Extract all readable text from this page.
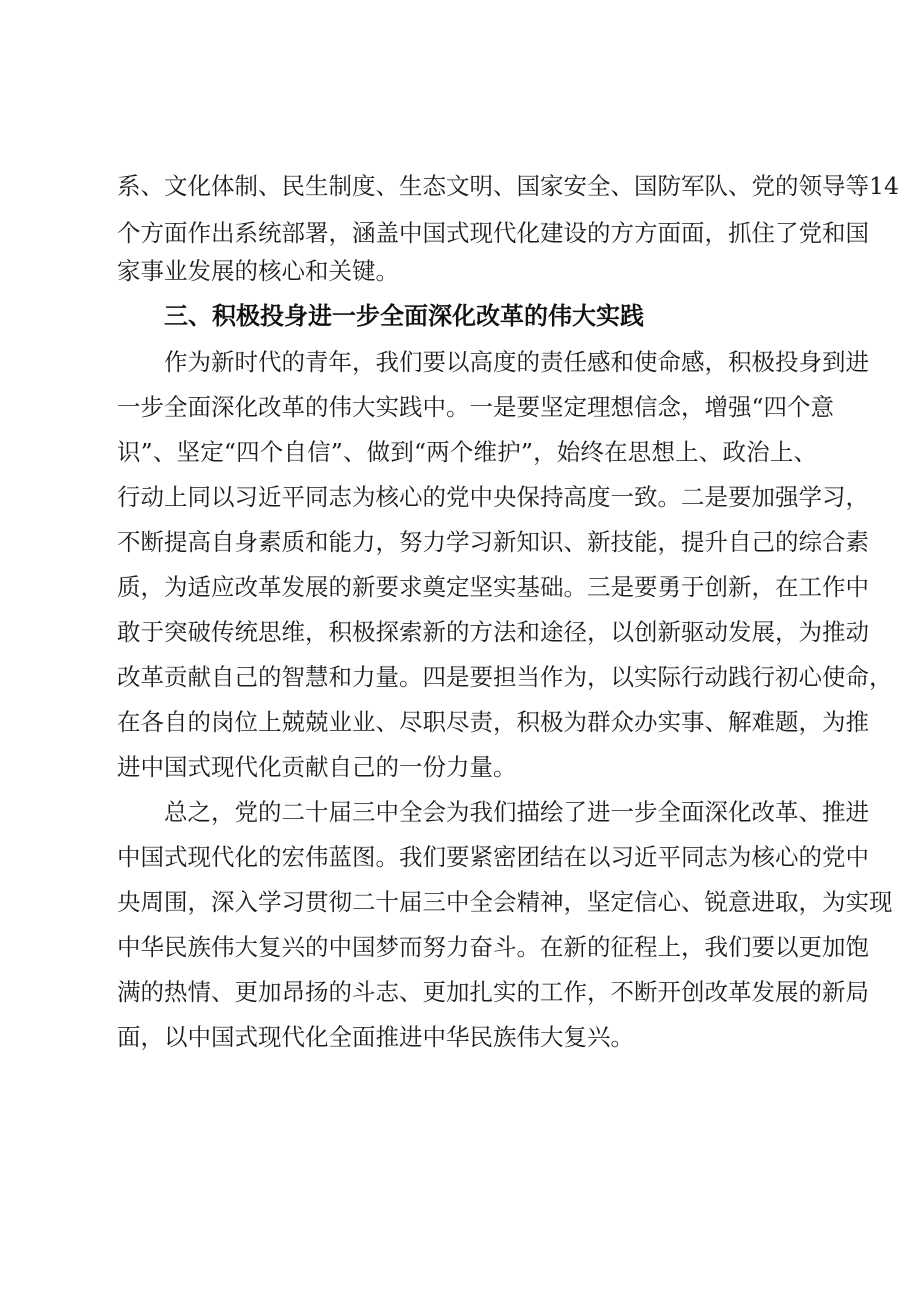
系、文化体制、民生制度、生态文明、国家安全、国防军队、党的领导等14
个方面作出系统部署，涵盖中国式现代化建设的方方面面，抓住了党和国
家事业发展的核心和关键。
三、积极投身进一步全面深化改革的伟大实践
作为新时代的青年，我们要以高度的责任感和使命感，积极投身到进
一步全面深化改革的伟大实践中。一是要坚定理想信念，增强“四个意
识”、坚定“四个自信”、做到“两个维护”，始终在思想上、政治上、
行动上同以习近平同志为核心的党中央保持高度一致。二是要加强学习，
不断提高自身素质和能力，努力学习新知识、新技能，提升自己的综合素
质，为适应改革发展的新要求奠定坚实基础。三是要勇于创新，在工作中
敢于突破传统思维，积极探索新的方法和途径，以创新驱动发展，为推动
改革贡献自己的智慧和力量。四是要担当作为，以实际行动践行初心使命，
在各自的岗位上兢兢业业、尽职尽责，积极为群众办实事、解难题，为推
进中国式现代化贡献自己的一份力量。
总之，党的二十届三中全会为我们描绘了进一步全面深化改革、推进
中国式现代化的宏伟蓝图。我们要紧密团结在以习近平同志为核心的党中
央周围，深入学习贯彻二十届三中全会精神，坚定信心、锐意进取，为实现
中华民族伟大复兴的中国梦而努力奋斗。在新的征程上，我们要以更加饱
满的热情、更加昂扬的斗志、更加扎实的工作，不断开创改革发展的新局
面，以中国式现代化全面推进中华民族伟大复兴。
